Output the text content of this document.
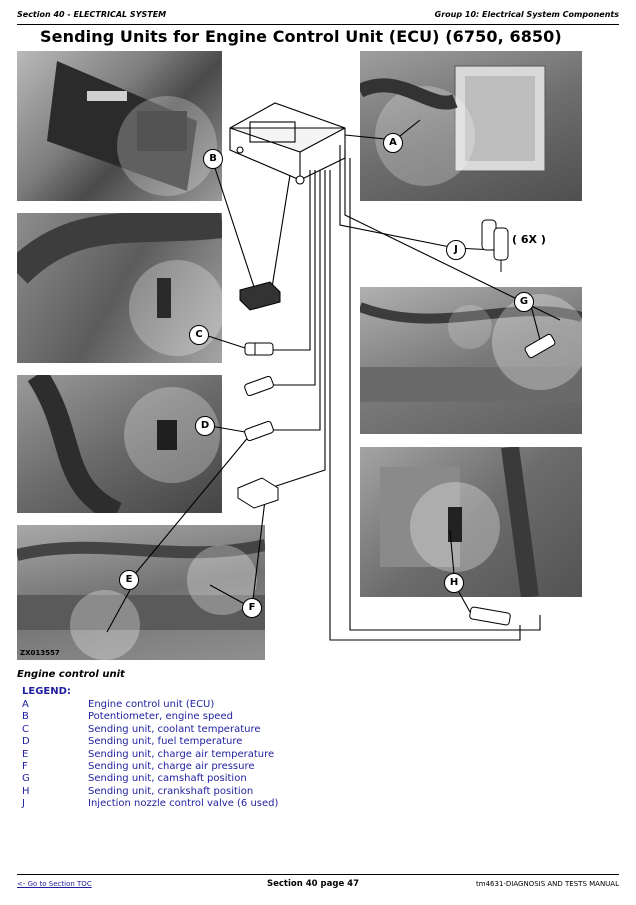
Section 40 - ELECTRICAL SYSTEM	Group 10: Electrical System Components
Sending Units for Engine Control Unit (ECU) (6750, 6850)
A
B
C
D
E
F
G
H
J
( 6X )
ZX013557
Engine control unit
LEGEND:
A	Engine control unit (ECU)
B	Potentiometer, engine speed
C	Sending unit, coolant temperature
D	Sending unit, fuel temperature
E	Sending unit, charge air temperature
F	Sending unit, charge air pressure
G	Sending unit, camshaft position
H	Sending unit, crankshaft position
J	Injection nozzle control valve (6 used)
<- Go to Section TOC	Section 40 page 47	tm4631-DIAGNOSIS AND TESTS MANUAL
